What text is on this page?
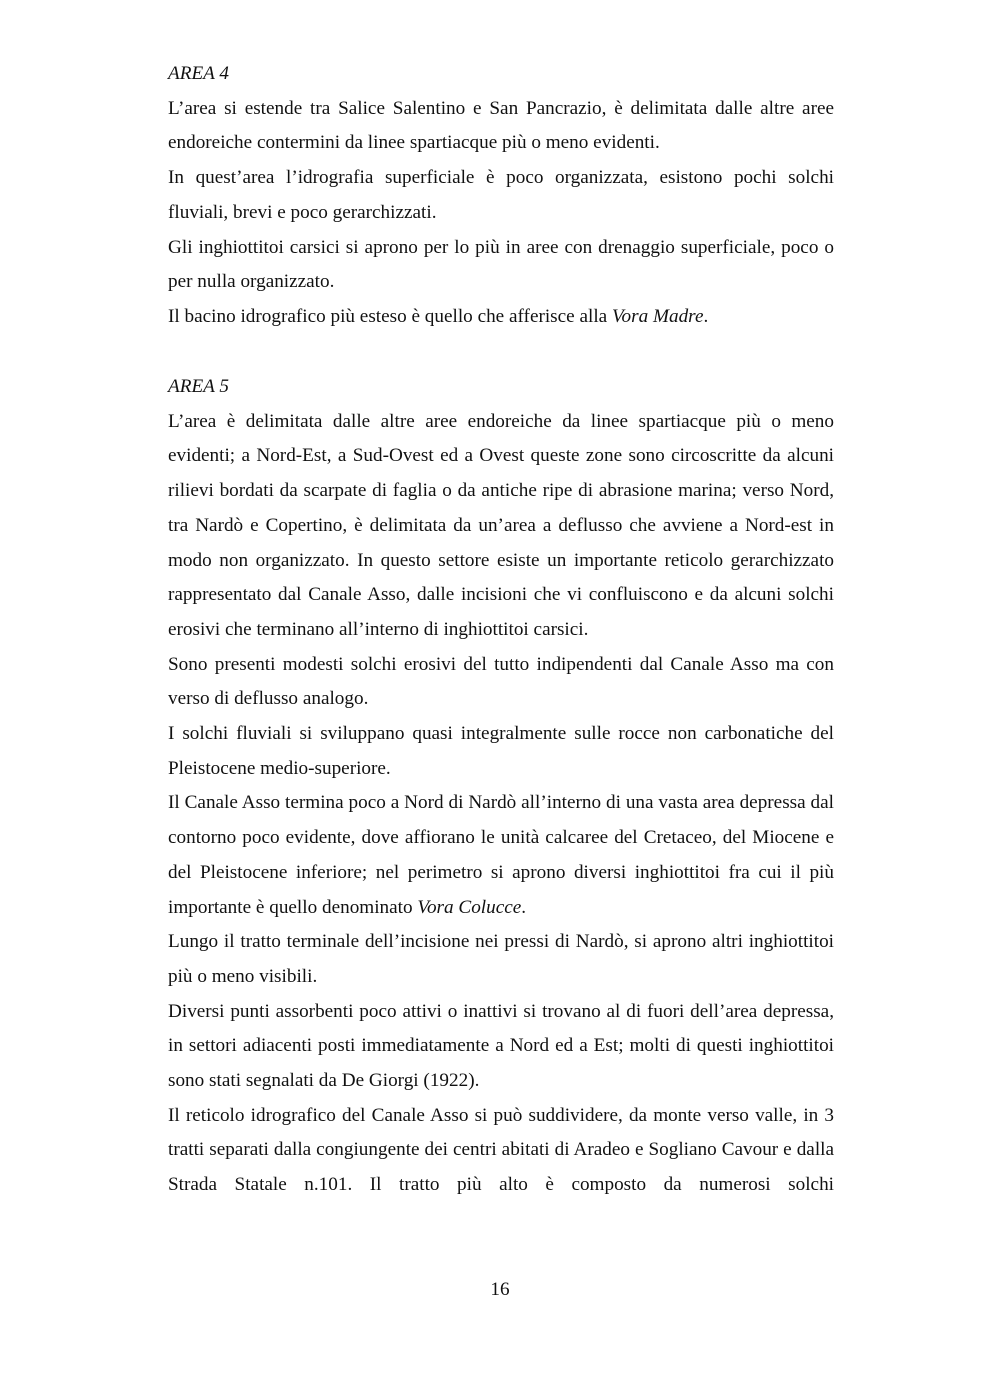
AREA 4

L’area si estende tra Salice Salentino e San Pancrazio, è delimitata dalle altre aree endoreiche contermini da linee spartiacque più o meno evidenti.

In quest’area l’idrografia superficiale è poco organizzata, esistono pochi solchi fluviali, brevi e poco gerarchizzati.

Gli inghiottitoi carsici si aprono per lo più in aree con drenaggio superficiale, poco o per nulla organizzato.

Il bacino idrografico più esteso è quello che afferisce alla Vora Madre.

AREA 5

L’area è delimitata dalle altre aree endoreiche da linee spartiacque più o meno evidenti; a Nord-Est, a Sud-Ovest ed a Ovest queste zone sono circoscritte da alcuni rilievi bordati da scarpate di faglia o da antiche ripe di abrasione marina; verso Nord, tra Nardò e Copertino, è delimitata da un’area a deflusso che avviene a Nord-est in modo non organizzato. In questo settore esiste un importante reticolo gerarchizzato rappresentato dal Canale Asso, dalle incisioni che vi confluiscono e da alcuni solchi erosivi che terminano all’interno di inghiottitoi carsici.

Sono presenti modesti solchi erosivi del tutto indipendenti dal Canale Asso ma con verso di deflusso analogo.

I solchi fluviali si sviluppano quasi integralmente sulle rocce non carbonatiche del Pleistocene medio-superiore.

Il Canale Asso termina poco a Nord di Nardò all’interno di una vasta area depressa dal contorno poco evidente, dove affiorano le unità calcaree del Cretaceo, del Miocene e del Pleistocene inferiore; nel perimetro si aprono diversi inghiottitoi fra cui il più importante è quello denominato Vora Colucce.

Lungo il tratto terminale dell’incisione nei pressi di Nardò, si aprono altri inghiottitoi più o meno visibili.

Diversi punti assorbenti poco attivi o inattivi si trovano al di fuori dell’area depressa, in settori adiacenti posti immediatamente a Nord ed a Est; molti di questi inghiottitoi sono stati segnalati da De Giorgi (1922).

Il reticolo idrografico del Canale Asso si può suddividere, da monte verso valle, in 3 tratti separati dalla congiungente dei centri abitati di Aradeo e Sogliano Cavour e dalla Strada Statale n.101. Il tratto più alto è composto da numerosi solchi

16
